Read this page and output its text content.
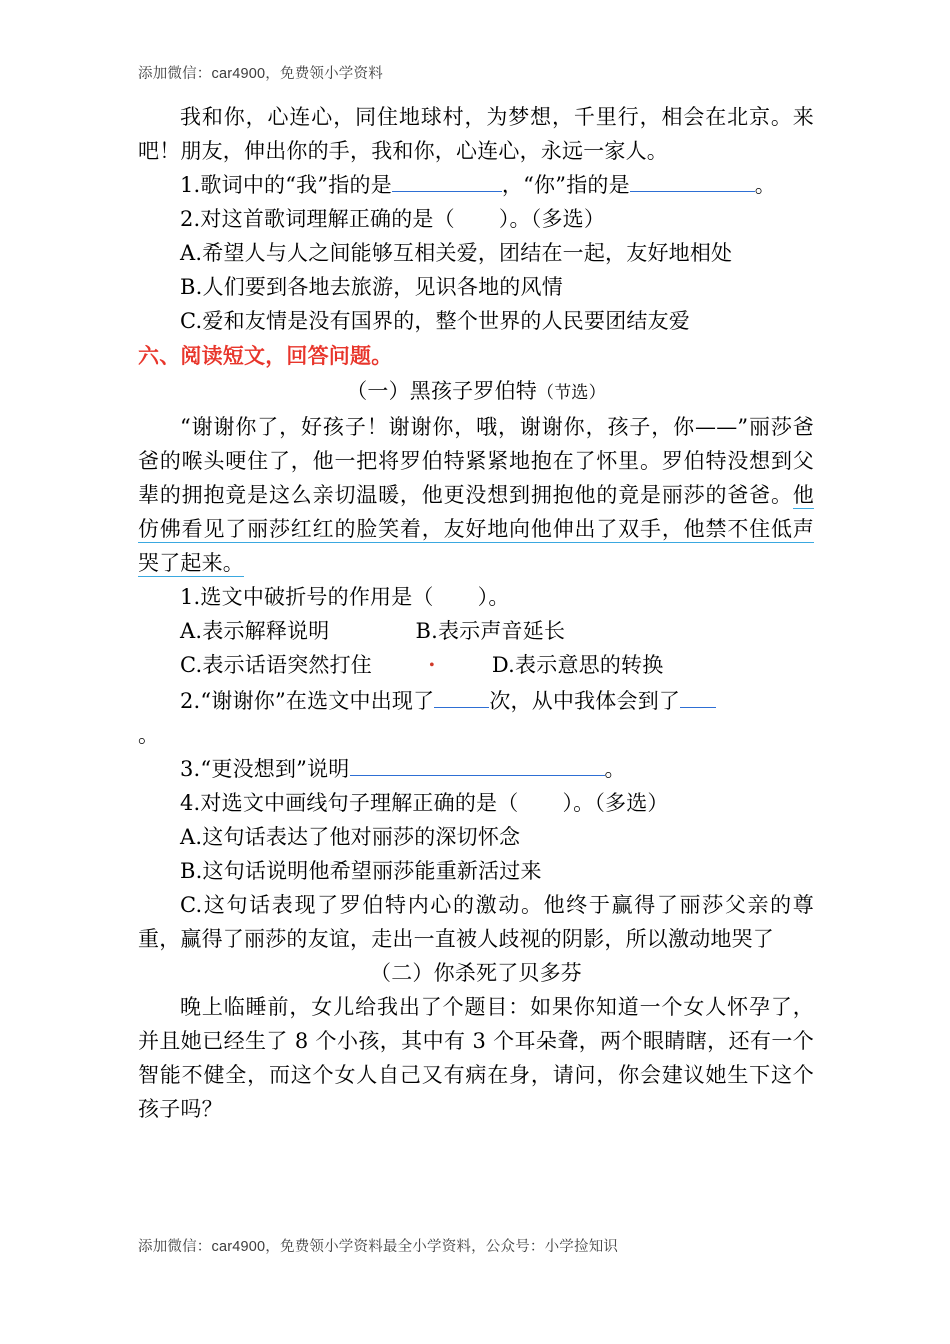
添加微信：car4900，免费领小学资料

我和你，心连心，同住地球村，为梦想，千里行，相会在北京。来吧！朋友，伸出你的手，我和你，心连心，永远一家人。

1.歌词中的“我”指的是	，“你”指的是	。

2.对这首歌词理解正确的是（ ）。（多选）

A.希望人与人之间能够互相关爱，团结在一起，友好地相处

B.人们要到各地去旅游，见识各地的风情

C.爱和友情是没有国界的，整个世界的人民要团结友爱

六、阅读短文，回答问题。

（一）黑孩子罗伯特（节选）

“谢谢你了，好孩子！谢谢你，哦，谢谢你，孩子，你——”丽莎爸爸的喉头哽住了，他一把将罗伯特紧紧地抱在了怀里。罗伯特没想到父辈的拥抱竟是这么亲切温暖，他更没想到拥抱他的竟是丽莎的爸爸。他仿佛看见了丽莎红红的脸笑着，友好地向他伸出了双手，他禁不住低声哭了起来。

1.选文中破折号的作用是（ ）。

A.表示解释说明	B.表示声音延长

C.表示话语突然打住	•	D.表示意思的转换

2.“谢谢你”在选文中出现了	次，从中我体会到了

。

3.“更没想到”说明	。

4.对选文中画线句子理解正确的是（ ）。（多选）

A.这句话表达了他对丽莎的深切怀念

B.这句话说明他希望丽莎能重新活过来

C.这句话表现了罗伯特内心的激动。他终于赢得了丽莎父亲的尊重，赢得了丽莎的友谊，走出一直被人歧视的阴影，所以激动地哭了

（二）你杀死了贝多芬

晚上临睡前，女儿给我出了个题目：如果你知道一个女人怀孕了，并且她已经生了 8 个小孩，其中有 3 个耳朵聋，两个眼睛瞎，还有一个智能不健全，而这个女人自己又有病在身，请问，你会建议她生下这个孩子吗？

添加微信：car4900，免费领小学资料最全小学资料，公众号：小学捡知识
